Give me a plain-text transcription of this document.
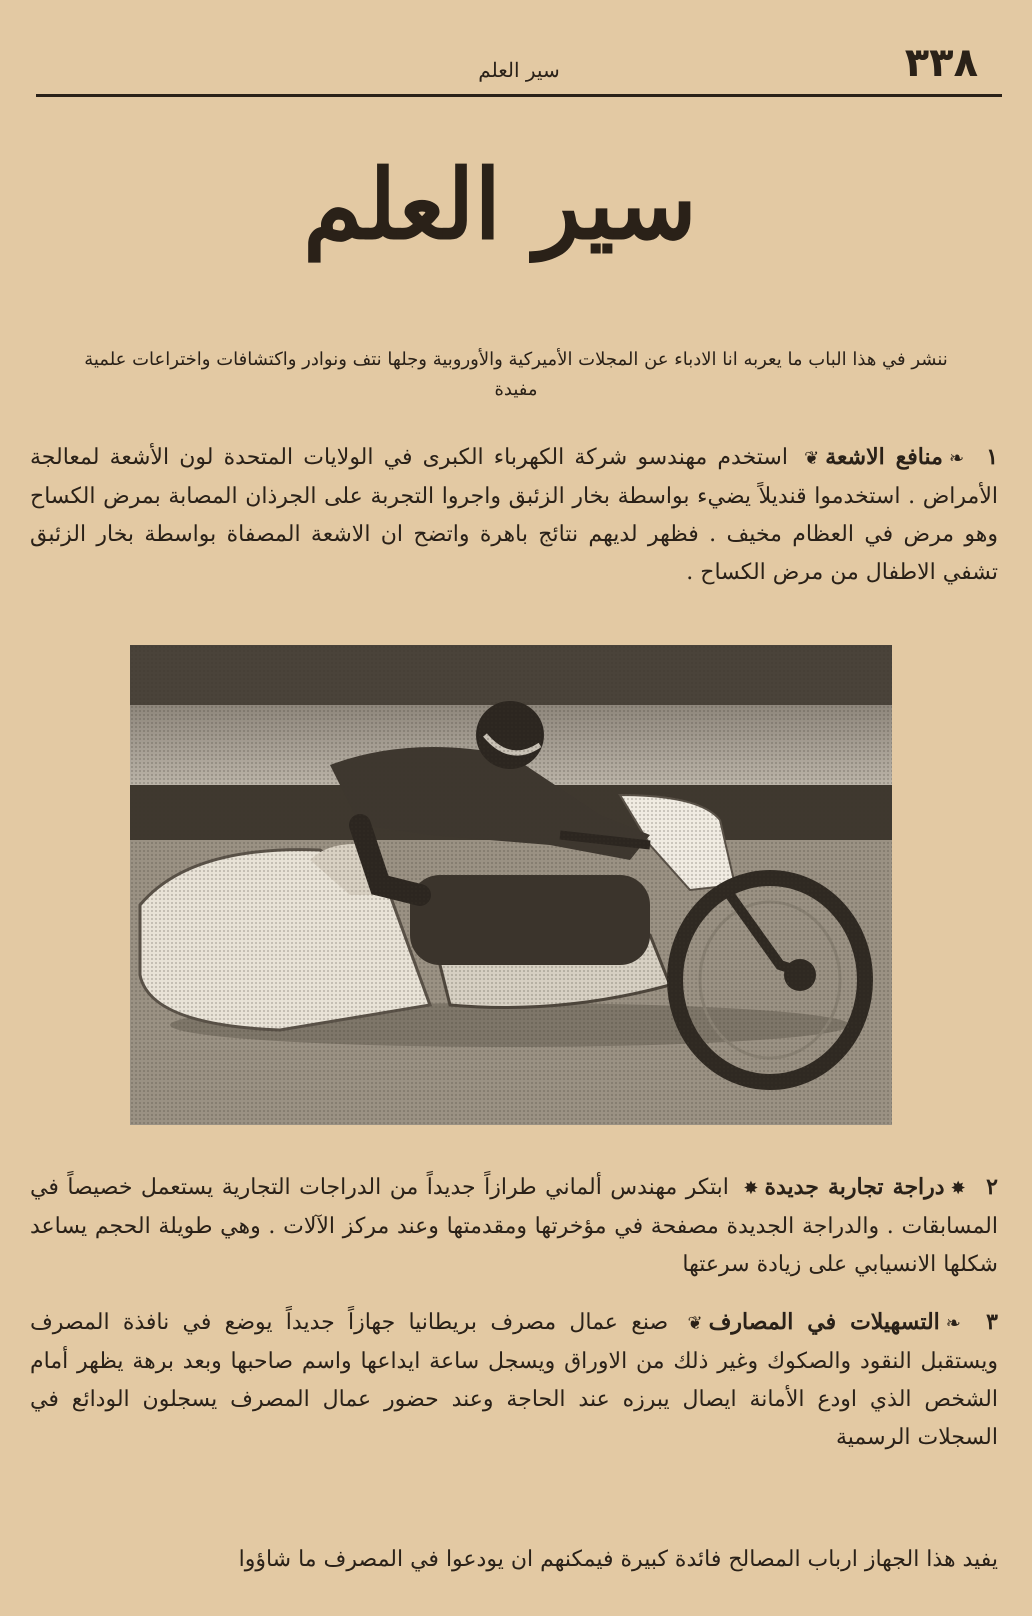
٣٣٨
سير العلم
سير العلم
ننشر في هذا الباب ما يعربه انا الادباء عن المجلات الأميركية والأوروبية وجلها نتف ونوادر واكتشافات واختراعات علمية مفيدة
١ ❧منافع الاشعة❦ استخدم مهندسو شركة الكهرباء الكبرى في الولايات المتحدة لون الأشعة لمعالجة الأمراض . استخدموا قنديلاً يضيء بواسطة بخار الزئبق واجروا التجربة على الجرذان المصابة بمرض الكساح وهو مرض في العظام مخيف . فظهر لديهم نتائج باهرة واتضح ان الاشعة المصفاة بواسطة بخار الزئبق تشفي الاطفال من مرض الكساح .
٢ ✸دراجة تجاربة جديدة✸ ابتكر مهندس ألماني طرازاً جديداً من الدراجات التجارية يستعمل خصيصاً في المسابقات . والدراجة الجديدة مصفحة في مؤخرتها ومقدمتها وعند مركز الآلات . وهي طويلة الحجم يساعد شكلها الانسيابي على زيادة سرعتها
٣ ❧التسهيلات في المصارف❦ صنع عمال مصرف بريطانيا جهازاً جديداً يوضع في نافذة المصرف ويستقبل النقود والصكوك وغير ذلك من الاوراق ويسجل ساعة ايداعها واسم صاحبها وبعد برهة يظهر أمام الشخص الذي اودع الأمانة ايصال يبرزه عند الحاجة وعند حضور عمال المصرف يسجلون الودائع في السجلات الرسمية
يفيد هذا الجهاز ارباب المصالح فائدة كبيرة فيمكنهم ان يودعوا في المصرف ما شاؤوا
